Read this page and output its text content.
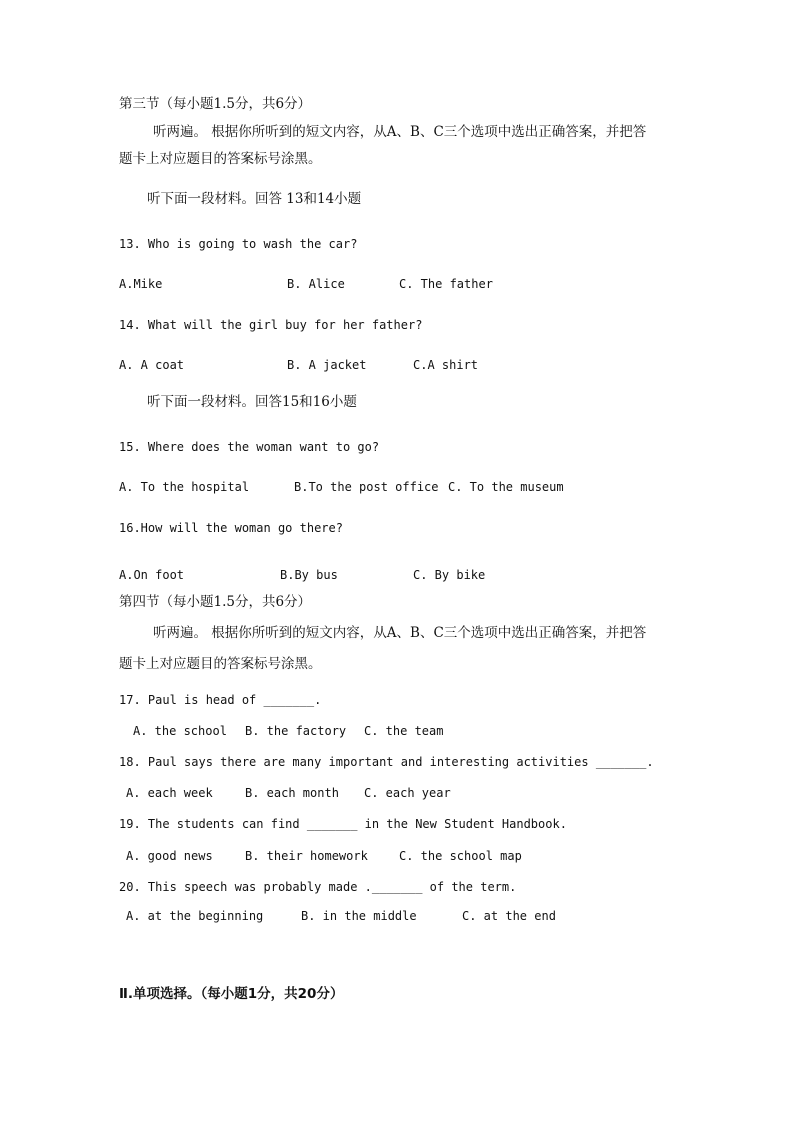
第三节（每小题1.5分，共6分）
听两遍。 根据你所听到的短文内容，从A、B、C三个选项中选出正确答案，并把答
题卡上对应题目的答案标号涂黑。
听下面一段材料。回答 13和14小题
13. Who is going to wash the car?
A.Mike	B. Alice	C. The father
14. What will the girl buy for her father?
A. A coat	B. A jacket	C.A shirt
听下面一段材料。回答15和16小题
15. Where does the woman want to go?
A. To the hospital	B.To the post office C. To the museum
16.How will the woman go there?
A.On foot	B.By bus	C. By bike
第四节（每小题1.5分，共6分）
听两遍。 根据你所听到的短文内容，从A、B、C三个选项中选出正确答案，并把答
题卡上对应题目的答案标号涂黑。
17. Paul is head of _______.
A. the school B. the factory C. the team
18. Paul says there are many important and interesting activities _______.
A. each week	B. each month C. each year
19. The students can find _______ in the New Student Handbook.
A. good news	B. their homework	C. the school map
20. This speech was probably made ._______ of the term.
A. at the beginning	B. in the middle	C. at the end
Ⅱ.单项选择。（每小题1分，共20分）
